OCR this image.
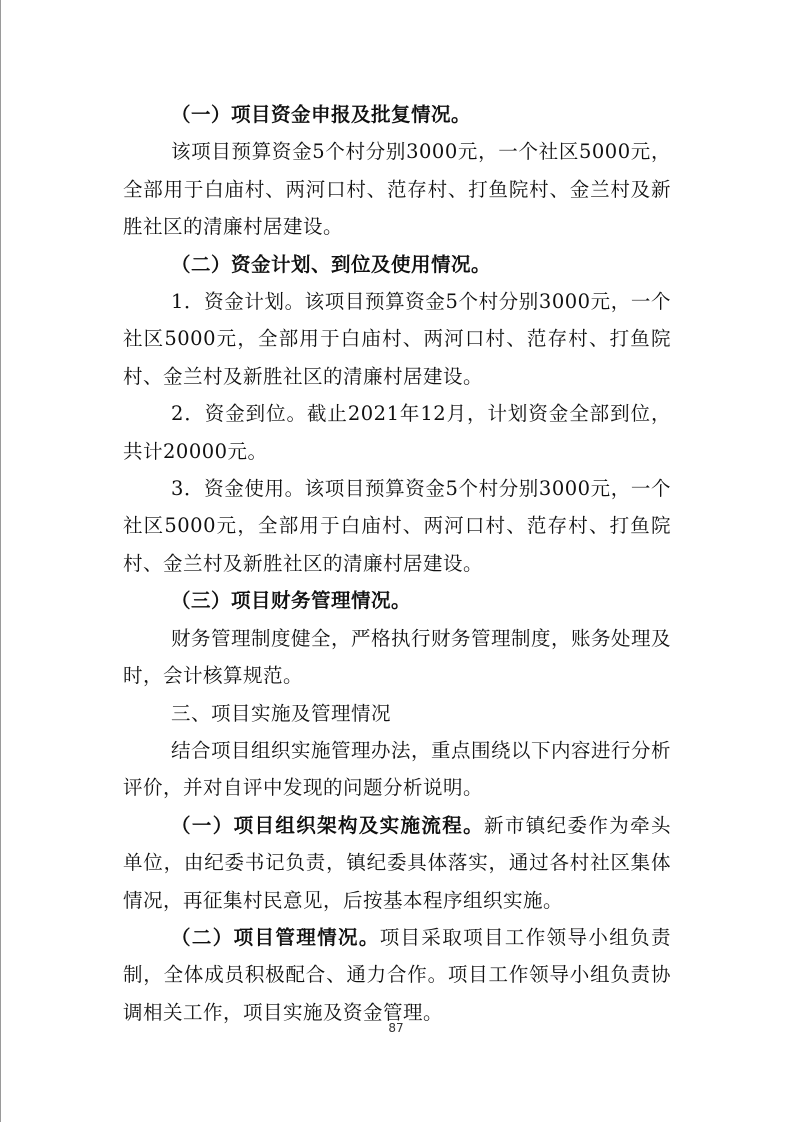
（一）项目资金申报及批复情况。

该项目预算资金5个村分别3000元，一个社区5000元，全部用于白庙村、两河口村、范存村、打鱼院村、金兰村及新胜社区的清廉村居建设。

（二）资金计划、到位及使用情况。

1．资金计划。该项目预算资金5个村分别3000元，一个社区5000元，全部用于白庙村、两河口村、范存村、打鱼院村、金兰村及新胜社区的清廉村居建设。

2．资金到位。截止2021年12月，计划资金全部到位，共计20000元。

3．资金使用。该项目预算资金5个村分别3000元，一个社区5000元，全部用于白庙村、两河口村、范存村、打鱼院村、金兰村及新胜社区的清廉村居建设。

（三）项目财务管理情况。

财务管理制度健全，严格执行财务管理制度，账务处理及时，会计核算规范。

三、项目实施及管理情况

结合项目组织实施管理办法，重点围绕以下内容进行分析评价，并对自评中发现的问题分析说明。

（一）项目组织架构及实施流程。新市镇纪委作为牵头单位，由纪委书记负责，镇纪委具体落实，通过各村社区集体情况，再征集村民意见，后按基本程序组织实施。

（二）项目管理情况。项目采取项目工作领导小组负责制，全体成员积极配合、通力合作。项目工作领导小组负责协调相关工作，项目实施及资金管理。

87
